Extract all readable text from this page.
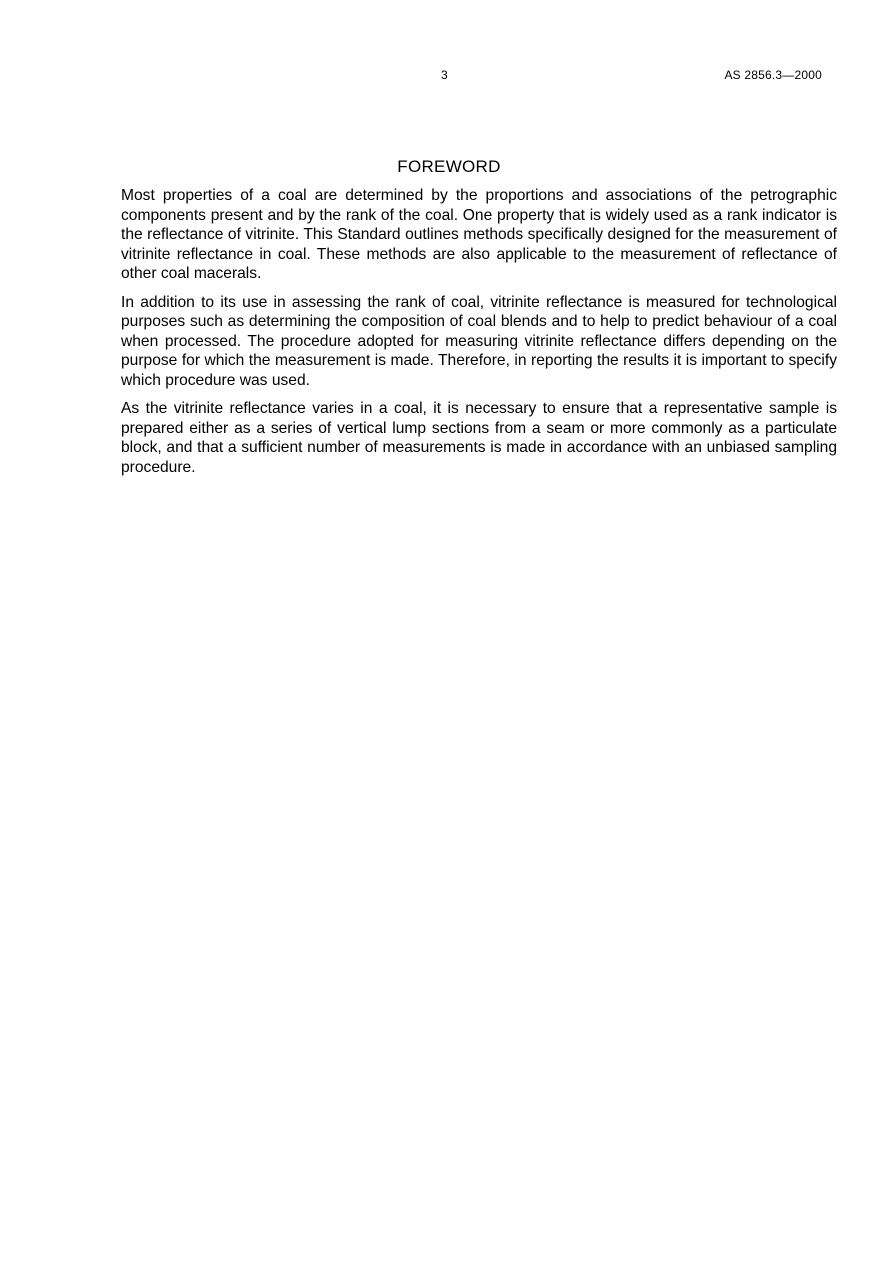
3	AS 2856.3—2000
FOREWORD

Most properties of a coal are determined by the proportions and associations of the petrographic components present and by the rank of the coal. One property that is widely used as a rank indicator is the reflectance of vitrinite. This Standard outlines methods specifically designed for the measurement of vitrinite reflectance in coal. These methods are also applicable to the measurement of reflectance of other coal macerals.

In addition to its use in assessing the rank of coal, vitrinite reflectance is measured for technological purposes such as determining the composition of coal blends and to help to predict behaviour of a coal when processed. The procedure adopted for measuring vitrinite reflectance differs depending on the purpose for which the measurement is made. Therefore, in reporting the results it is important to specify which procedure was used.

As the vitrinite reflectance varies in a coal, it is necessary to ensure that a representative sample is prepared either as a series of vertical lump sections from a seam or more commonly as a particulate block, and that a sufficient number of measurements is made in accordance with an unbiased sampling procedure.
